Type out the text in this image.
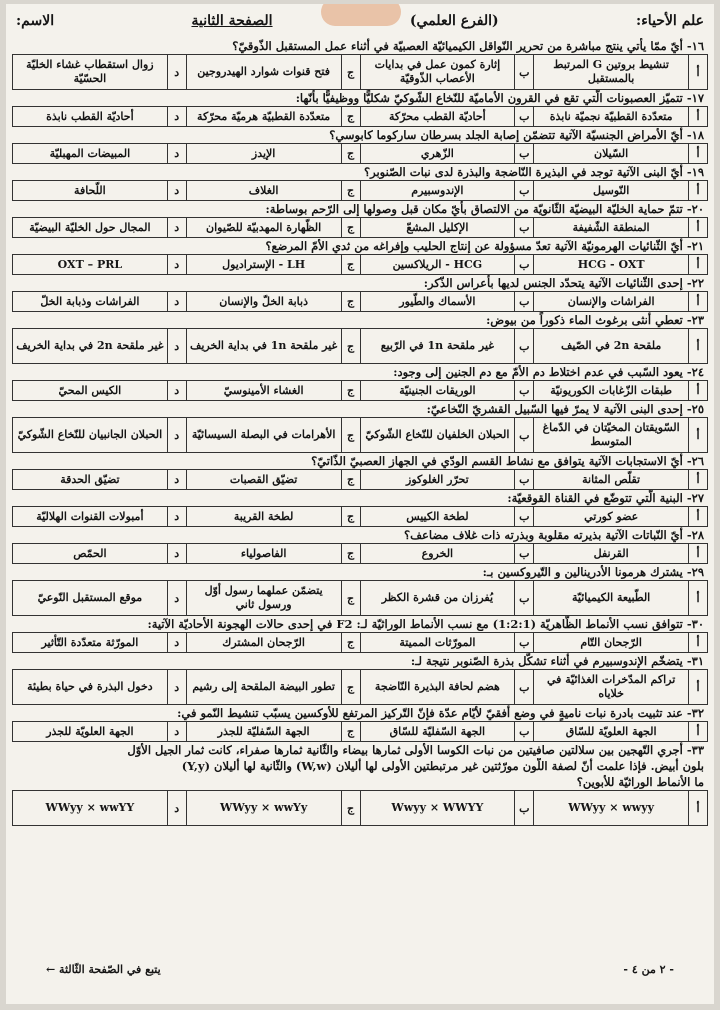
علم الأحياء:
(الفرع العلمي)
الصفحة الثانية
الاسم:
١٦-أيّ ممّا يأتي ينتج مباشرة من تحرير النّواقل الكيميائيّة العصبيّة في أثناء عمل المستقبل الذّوقيّ؟
أ
تنشيط بروتين G المرتبط بالمستقبل
ب
إثارة كمون عمل في بدايات الأعصاب الذّوقيّة
ج
فتح قنوات شوارد الهيدروجين
د
زوال استقطاب غشاء الخليّة الحسّيّة
١٧-تتميّز العصبونات الّتي تقع في القرون الأماميّة للنّخاع الشّوكيّ شكليًّا ووظيفيًّا بأنّها:
أ
متعدّدة القطبيّة نجميّة نابذة
ب
أحاديّة القطب محرّكة
ج
متعدّدة القطبيّة هرميّة محرّكة
د
أحاديّة القطب نابذة
١٨-أيّ الأمراض الجنسيّة الآتية تتضمّن إصابة الجلد بسرطان ساركوما كابوسي؟
أ
السّيلان
ب
الزّهري
ج
الإيدز
د
المبيضات المهبليّة
١٩-أيّ البنى الآتية توجد في البذيرة النّاضجة والبذرة لدى نبات الصّنوبر؟
أ
النّوسيل
ب
الإندوسبيرم
ج
الغلاف
د
اللّحافة
٢٠-تتمّ حماية الخليّة البيضيّة الثّانويّة من الالتصاق بأيّ مكان قبل وصولها إلى الرّحم بوساطة:
أ
المنطقة الشّفيفة
ب
الإكليل المشعّ
ج
الظّهارة المهدبيّة للصّيوان
د
المجال حول الخليّة البيضيّة
٢١-أيّ الثّنائيات الهرمونيّة الآتية تعدّ مسؤولة عن إنتاج الحليب وإفراغه من ثدي الأمّ المرضع؟
أ
HCG - OXT
ب
HCG - الريلاكسين
ج
LH - الإستراديول
د
OXT – PRL
٢٢-إحدى الثّنائيات الآتية يتحدّد الجنس لديها بأعراس الذّكر:
أ
الفراشات والإنسان
ب
الأسماك والطّيور
ج
ذبابة الخلّ والإنسان
د
الفراشات وذبابة الخلّ
٢٣-تعطي أنثى برغوث الماء ذكوراً من بيوض:
أ
ملقحة 2n في الصّيف
ب
غير ملقحة 1n في الرّبيع
ج
غير ملقحة 1n في بداية الخريف
د
غير ملقحة 2n في بداية الخريف
٢٤-يعود السّبب في عدم اختلاط دم الأمّ مع دم الجنين إلى وجود:
أ
طبقات الزّغابات الكوريونيّة
ب
الوريقات الجنينيّة
ج
الغشاء الأمينوسيّ
د
الكيس المحيّ
٢٥-إحدى البنى الآتية لا يمرّ فيها السّبيل القشريّ النّخاعيّ:
أ
السّويقتان المخيّتان في الدّماغ المتوسط
ب
الحبلان الخلفيان للنّخاع الشّوكيّ
ج
الأهرامات في البصلة السيسائيّة
د
الحبلان الجانبيان للنّخاع الشّوكيّ
٢٦-أيّ الاستجابات الآتية يتوافق مع نشاط القسم الودّي في الجهاز العصبيّ الذّاتيّ؟
أ
تقلّص المثانة
ب
تحرّر الغلوكوز
ج
تضيّق القصبات
د
تضيّق الحدقة
٢٧-البنية الّتي تتوضّع في القناة القوقعيّة:
أ
عضو كورتي
ب
لطخة الكييس
ج
لطخة القريبة
د
أمبولات القنوات الهلاليّة
٢٨-أيّ النّباتات الآتية بذيرته مقلوبة وبذرته ذات غلاف مضاعف؟
أ
القرنفل
ب
الخروع
ج
الفاصولياء
د
الحمّص
٢٩-يشترك هرمونا الأدرينالين و التّيروكسين بـ:
أ
الطّبيعة الكيميائيّة
ب
يُفرزان من قشرة الكظر
ج
يتضمّن عملهما رسول أوّل ورسول ثاني
د
موقع المستقبل النّوعيّ
٣٠-تتوافق نسب الأنماط الظّاهريّة (1:2:1) مع نسب الأنماط الوراثيّة لـ: F2 في إحدى حالات الهجونة الأحاديّة الآتية:
أ
الرّجحان التّام
ب
المورّثات المميتة
ج
الرّجحان المشترك
د
المورّثة متعدّدة التّأثير
٣١-يتضخّم الإندوسبيرم في أثناء تشكّل بذرة الصّنوبر نتيجة لـ:
أ
تراكم المدّخرات الغذائيّة في خلاياه
ب
هضم لحافة البذيرة النّاضجة
ج
تطور البيضة الملقحة إلى رشيم
د
دخول البذرة في حياة بطيئة
٣٢-عند تثبيت بادرة نبات ناميةٍ في وضع أفقيّ لأيّام عدّة فإنّ التّركيز المرتفع للأوكسين يسبّب تنشيط النّمو في:
أ
الجهة العلويّة للسّاق
ب
الجهة السّفليّة للسّاق
ج
الجهة السّفليّة للجذر
د
الجهة العلويّة للجذر
٣٣-أجري التّهجين بين سلالتين صافيتين من نبات الكوسا الأولى ثمارها بيضاء والثّانية ثمارها صفراء، كانت ثمار الجيل الأوّل
بلون أبيض. فإذا علمت أنّ لصفة اللّون مورّثتين غير مرتبطتين الأولى لها أليلان (W,w) والثّانية لها أليلان (Y,y)
ما الأنماط الوراثيّة للأبوين؟
أ
WWyy × wwyy
ب
Wwyy × WWYY
ج
WWyy × wwYy
د
WWyy × wwYY
- ٢ من ٤ -
يتبع في الصّفحة الثّالثة ←
